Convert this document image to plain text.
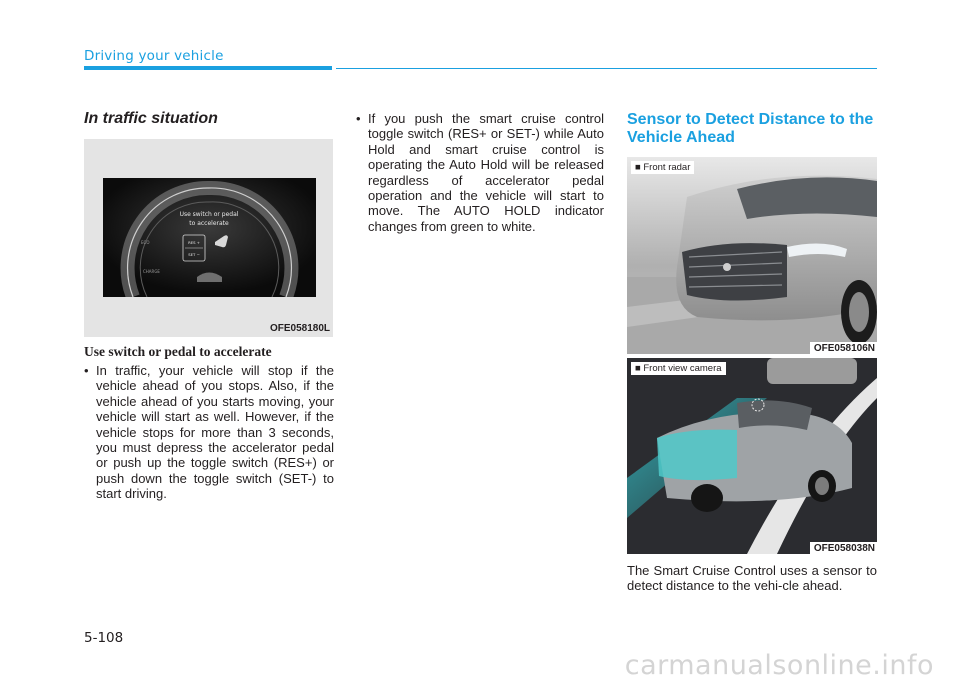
Driving your vehicle
In traffic situation
Use switch or pedal
to accelerate
RES +
SET −
ECO
CHARGE
OFE058180L
Use switch or pedal to accelerate
• In traffic, your vehicle will stop if the vehicle ahead of you stops. Also, if the vehicle ahead of you starts moving, your vehicle will start as well. However, if the vehicle stops for more than 3 seconds, you must depress the accelerator pedal or push up the toggle switch (RES+) or push down the toggle switch (SET-) to start driving.
• If you push the smart cruise control toggle switch (RES+ or SET-) while Auto Hold and smart cruise control is operating the Auto Hold will be released regardless of accelerator pedal operation and the vehicle will start to move. The AUTO HOLD indicator changes from green to white.
Sensor to Detect Distance to the Vehicle Ahead
■ Front radar
OFE058106N
■ Front view camera
OFE058038N
The Smart Cruise Control uses a sensor to detect distance to the vehi-cle ahead.
5-108
carmanualsonline.info
